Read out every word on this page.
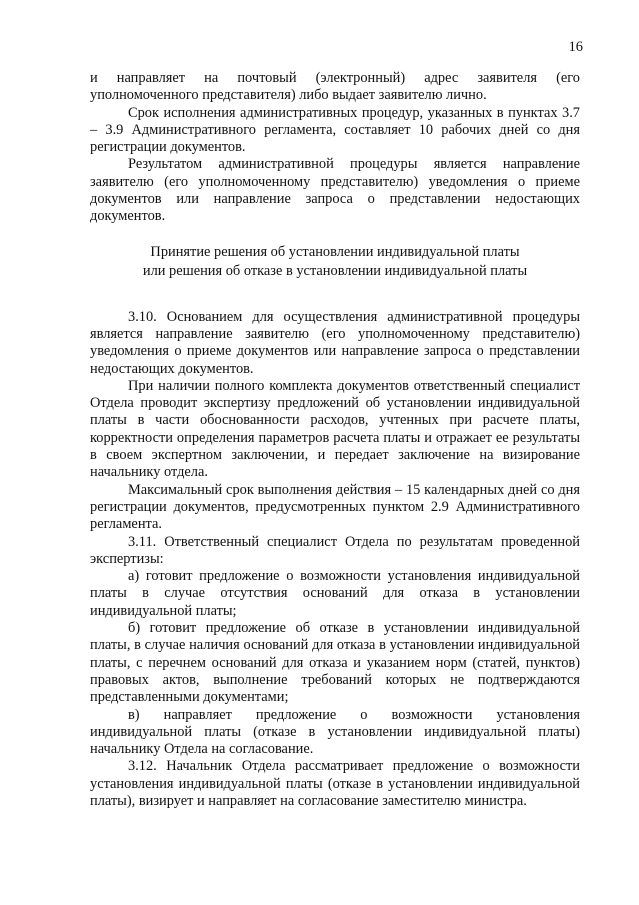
16

и направляет на почтовый (электронный) адрес заявителя (его уполномоченного представителя) либо выдает заявителю лично.

Срок исполнения административных процедур, указанных в пунктах 3.7 – 3.9 Административного регламента, составляет 10 рабочих дней со дня регистрации документов.

Результатом административной процедуры является направление заявителю (его уполномоченному представителю) уведомления о приеме документов или направление запроса о представлении недостающих документов.

Принятие решения об установлении индивидуальной платы
или решения об отказе в установлении индивидуальной платы

3.10. Основанием для осуществления административной процедуры является направление заявителю (его уполномоченному представителю) уведомления о приеме документов или направление запроса о представлении недостающих документов.

При наличии полного комплекта документов ответственный специалист Отдела проводит экспертизу предложений об установлении индивидуальной платы в части обоснованности расходов, учтенных при расчете платы, корректности определения параметров расчета платы и отражает ее результаты в своем экспертном заключении, и передает заключение на визирование начальнику отдела.

Максимальный срок выполнения действия – 15 календарных дней со дня регистрации документов, предусмотренных пунктом 2.9 Административного регламента.

3.11. Ответственный специалист Отдела по результатам проведенной экспертизы:

а) готовит предложение о возможности установления индивидуальной платы в случае отсутствия оснований для отказа в установлении индивидуальной платы;

б) готовит предложение об отказе в установлении индивидуальной платы, в случае наличия оснований для отказа в установлении индивидуальной платы, с перечнем оснований для отказа и указанием норм (статей, пунктов) правовых актов, выполнение требований которых не подтверждаются представленными документами;

в) направляет предложение о возможности установления индивидуальной платы (отказе в установлении индивидуальной платы) начальнику Отдела на согласование.

3.12. Начальник Отдела рассматривает предложение о возможности установления индивидуальной платы (отказе в установлении индивидуальной платы), визирует и направляет на согласование заместителю министра.
